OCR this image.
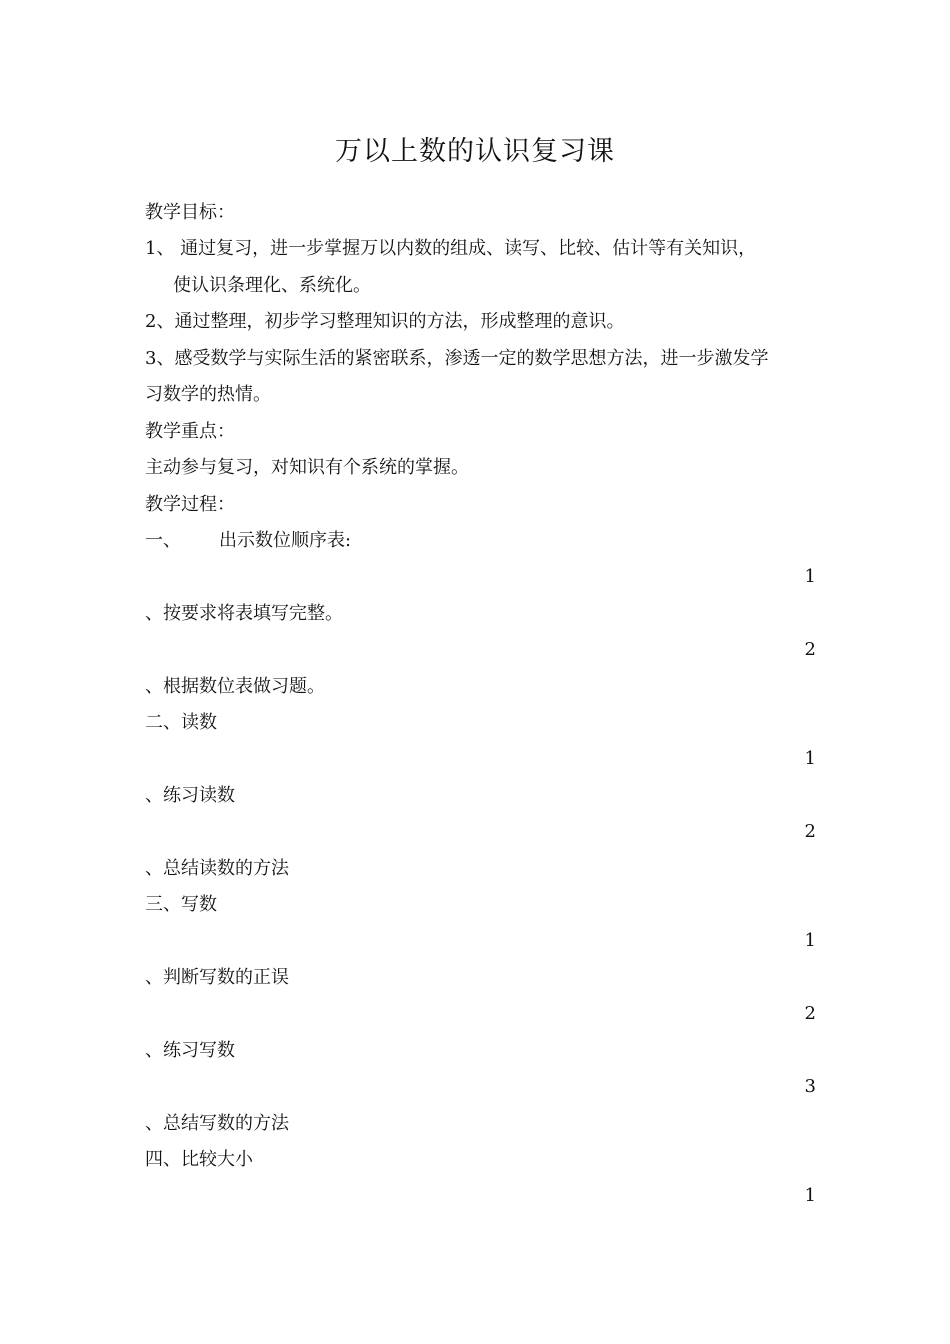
万以上数的认识复习课
教学目标：
1、 通过复习，进一步掌握万以内数的组成、读写、比较、估计等有关知识，
使认识条理化、系统化。
2、通过整理，初步学习整理知识的方法，形成整理的意识。
3、感受数学与实际生活的紧密联系，渗透一定的数学思想方法，进一步激发学
习数学的热情。
教学重点：
主动参与复习，对知识有个系统的掌握。
教学过程：
一、 出示数位顺序表:
1
、按要求将表填写完整。
2
、根据数位表做习题。
二、读数
1
、练习读数
2
、总结读数的方法
三、写数
1
、判断写数的正误
2
、练习写数
3
、总结写数的方法
四、比较大小
1
